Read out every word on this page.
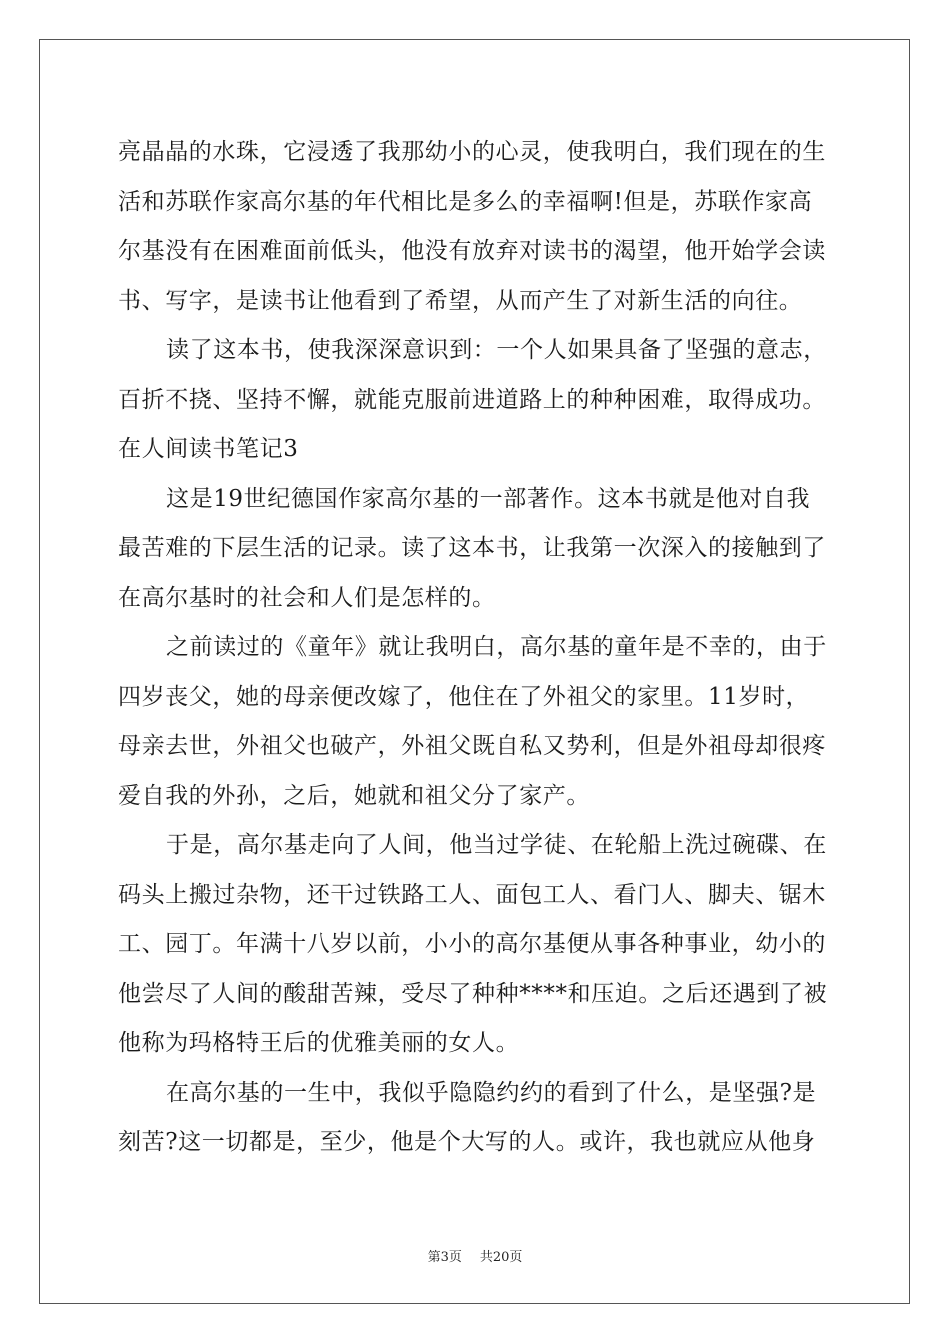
亮晶晶的水珠，它浸透了我那幼小的心灵，使我明白，我们现在的生
活和苏联作家高尔基的年代相比是多么的幸福啊!但是，苏联作家高
尔基没有在困难面前低头，他没有放弃对读书的渴望，他开始学会读
书、写字，是读书让他看到了希望，从而产生了对新生活的向往。
读了这本书，使我深深意识到：一个人如果具备了坚强的意志，
百折不挠、坚持不懈，就能克服前进道路上的种种困难，取得成功。
在人间读书笔记3
这是19世纪德国作家高尔基的一部著作。这本书就是他对自我
最苦难的下层生活的记录。读了这本书，让我第一次深入的接触到了
在高尔基时的社会和人们是怎样的。
之前读过的《童年》就让我明白，高尔基的童年是不幸的，由于
四岁丧父，她的母亲便改嫁了，他住在了外祖父的家里。11岁时，
母亲去世，外祖父也破产，外祖父既自私又势利，但是外祖母却很疼
爱自我的外孙，之后，她就和祖父分了家产。
于是，高尔基走向了人间，他当过学徒、在轮船上洗过碗碟、在
码头上搬过杂物，还干过铁路工人、面包工人、看门人、脚夫、锯木
工、园丁。年满十八岁以前，小小的高尔基便从事各种事业，幼小的
他尝尽了人间的酸甜苦辣，受尽了种种****和压迫。之后还遇到了被
他称为玛格特王后的优雅美丽的女人。
在高尔基的一生中，我似乎隐隐约约的看到了什么，是坚强?是
刻苦?这一切都是，至少，他是个大写的人。或许，我也就应从他身
第3页 共20页
